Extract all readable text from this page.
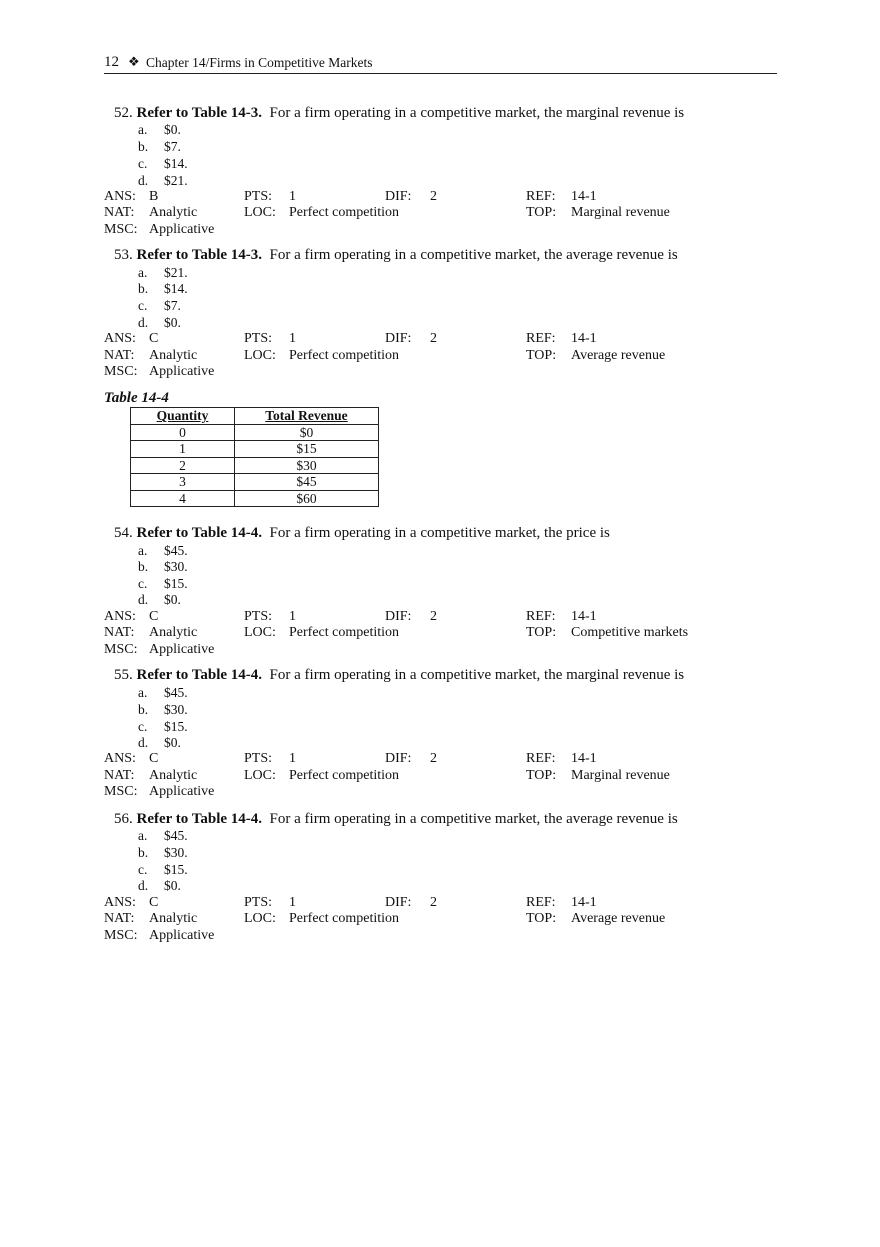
12 ❖ Chapter 14/Firms in Competitive Markets
52. Refer to Table 14-3. For a firm operating in a competitive market, the marginal revenue is
a. $0.
b. $7.
c. $14.
d. $21.
ANS: B	PTS: 1	DIF: 2	REF: 14-1
NAT: Analytic	LOC: Perfect competition	TOP: Marginal revenue
MSC: Applicative
53. Refer to Table 14-3. For a firm operating in a competitive market, the average revenue is
a. $21.
b. $14.
c. $7.
d. $0.
ANS: C	PTS: 1	DIF: 2	REF: 14-1
NAT: Analytic	LOC: Perfect competition	TOP: Average revenue
MSC: Applicative
Table 14-4
Quantity	Total Revenue
0	$0
1	$15
2	$30
3	$45
4	$60
54. Refer to Table 14-4. For a firm operating in a competitive market, the price is
a. $45.
b. $30.
c. $15.
d. $0.
ANS: C	PTS: 1	DIF: 2	REF: 14-1
NAT: Analytic	LOC: Perfect competition	TOP: Competitive markets
MSC: Applicative
55. Refer to Table 14-4. For a firm operating in a competitive market, the marginal revenue is
a. $45.
b. $30.
c. $15.
d. $0.
ANS: C	PTS: 1	DIF: 2	REF: 14-1
NAT: Analytic	LOC: Perfect competition	TOP: Marginal revenue
MSC: Applicative
56. Refer to Table 14-4. For a firm operating in a competitive market, the average revenue is
a. $45.
b. $30.
c. $15.
d. $0.
ANS: C	PTS: 1	DIF: 2	REF: 14-1
NAT: Analytic	LOC: Perfect competition	TOP: Average revenue
MSC: Applicative
